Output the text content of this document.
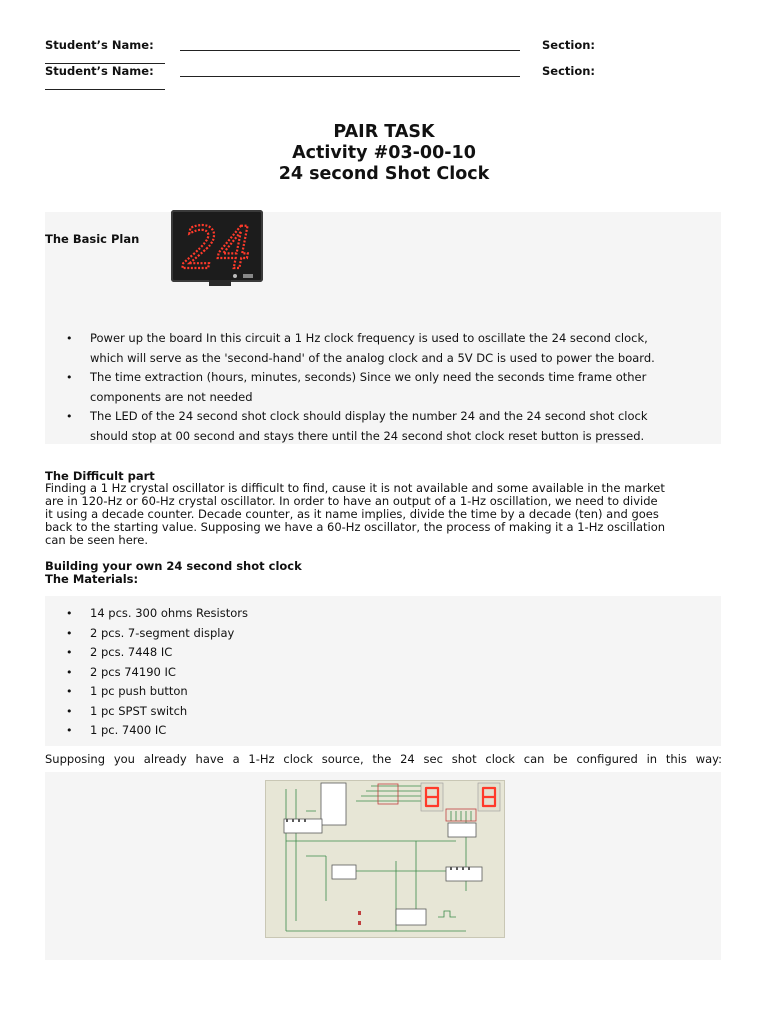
Student’s Name:	Section:
Student’s Name:	Section:
PAIR TASK
Activity #03-00-10
24 second Shot Clock
The Basic Plan 24
• Power up the board In this circuit a 1 Hz clock frequency is used to oscillate the 24 second clock,
which will serve as the 'second-hand' of the analog clock and a 5V DC is used to power the board.
• The time extraction (hours, minutes, seconds) Since we only need the seconds time frame other
components are not needed
• The LED of the 24 second shot clock should display the number 24 and the 24 second shot clock
should stop at 00 second and stays there until the 24 second shot clock reset button is pressed.
The Difficult part
Finding a 1 Hz crystal oscillator is difficult to find, cause it is not available and some available in the market
are in 120-Hz or 60-Hz crystal oscillator. In order to have an output of a 1-Hz oscillation, we need to divide
it using a decade counter. Decade counter, as it name implies, divide the time by a decade (ten) and goes
back to the starting value. Supposing we have a 60-Hz oscillator, the process of making it a 1-Hz oscillation
can be seen here.
Building your own 24 second shot clock
The Materials:
• 14 pcs. 300 ohms Resistors
• 2 pcs. 7-segment display
• 2 pcs. 7448 IC
• 2 pcs 74190 IC
• 1 pc push button
• 1 pc SPST switch
• 1 pc. 7400 IC
Supposing you already have a 1-Hz clock source, the 24 sec shot clock can be configured in this way:
